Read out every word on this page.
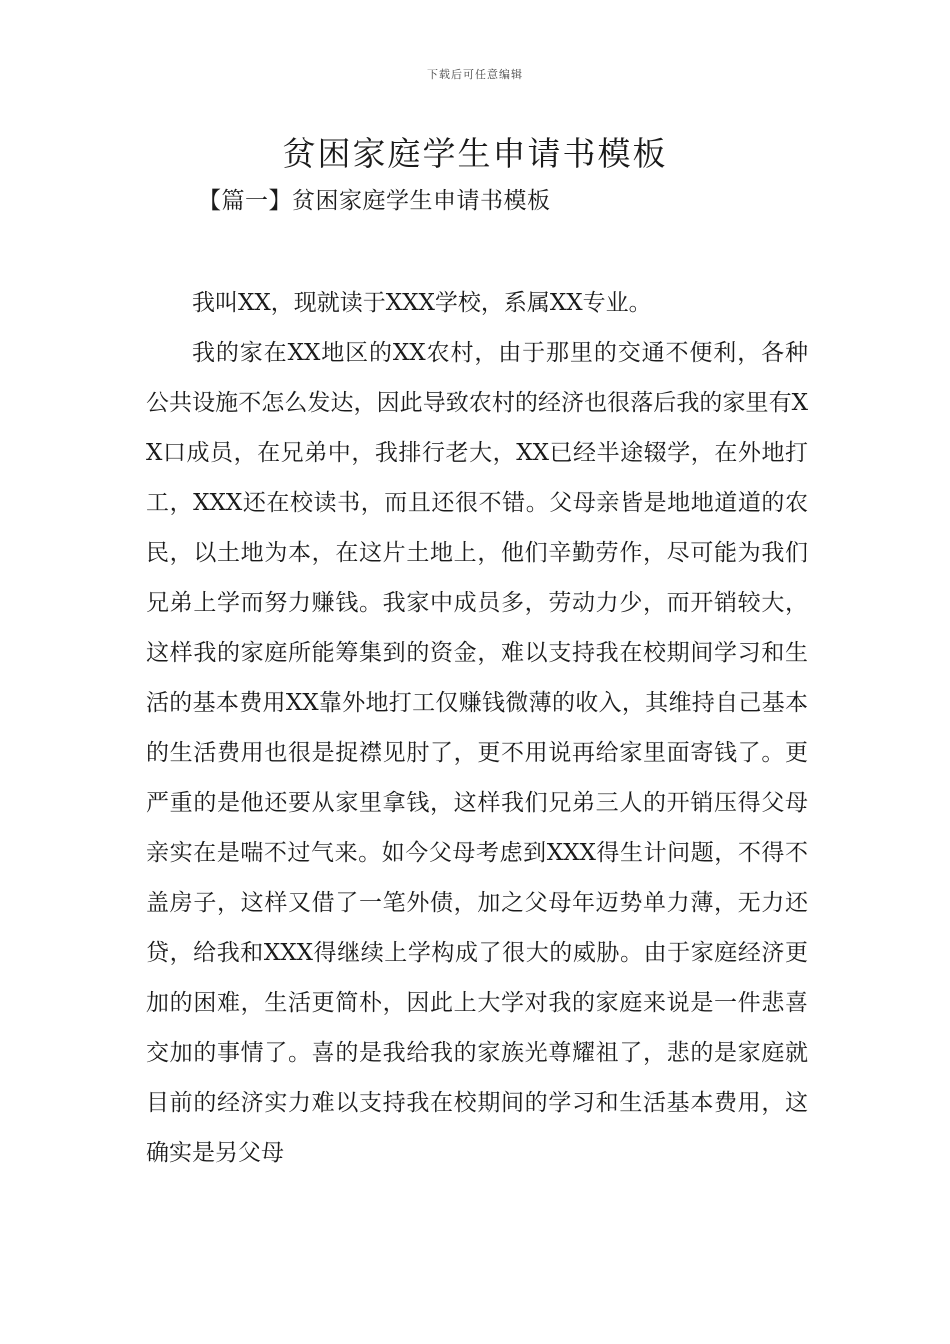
下载后可任意编辑
贫困家庭学生申请书模板
【篇一】贫困家庭学生申请书模板

我叫XX，现就读于XXX学校，系属XX专业。

我的家在XX地区的XX农村，由于那里的交通不便利，各种公共设施不怎么发达，因此导致农村的经济也很落后我的家里有XX口成员，在兄弟中，我排行老大，XX已经半途辍学，在外地打工，XXX还在校读书，而且还很不错。父母亲皆是地地道道的农民，以土地为本，在这片土地上，他们辛勤劳作，尽可能为我们兄弟上学而努力赚钱。我家中成员多，劳动力少，而开销较大，这样我的家庭所能筹集到的资金，难以支持我在校期间学习和生活的基本费用XX靠外地打工仅赚钱微薄的收入，其维持自己基本的生活费用也很是捉襟见肘了，更不用说再给家里面寄钱了。更严重的是他还要从家里拿钱，这样我们兄弟三人的开销压得父母亲实在是喘不过气来。如今父母考虑到XXX得生计问题，不得不盖房子，这样又借了一笔外债，加之父母年迈势单力薄，无力还贷，给我和XXX得继续上学构成了很大的威胁。由于家庭经济更加的困难，生活更简朴，因此上大学对我的家庭来说是一件悲喜交加的事情了。喜的是我给我的家族光尊耀祖了，悲的是家庭就目前的经济实力难以支持我在校期间的学习和生活基本费用，这确实是另父母
